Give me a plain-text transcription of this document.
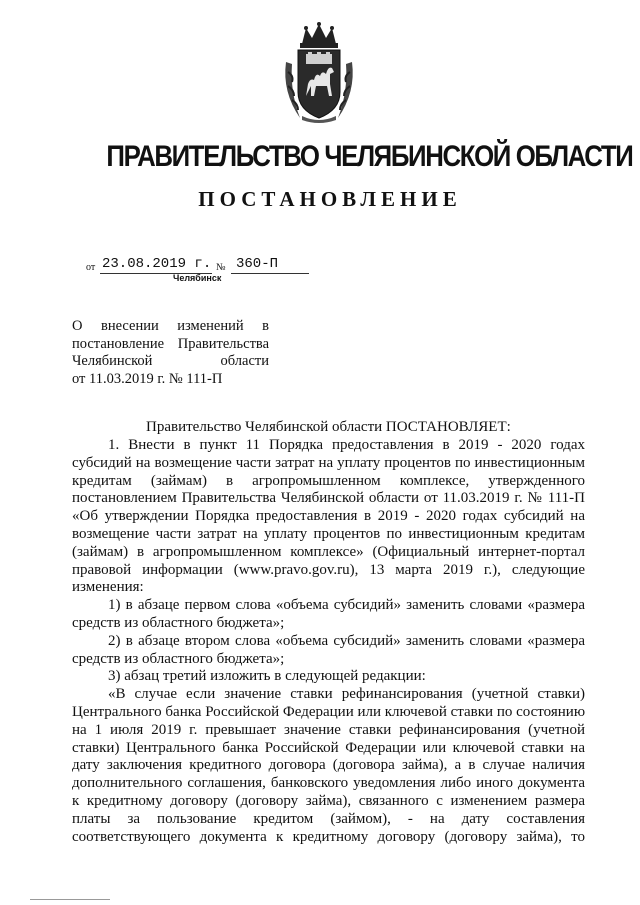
ПРАВИТЕЛЬСТВО ЧЕЛЯБИНСКОЙ ОБЛАСТИ
ПОСТАНОВЛЕНИЕ
от 23.08.2019 г. № 360-П
Челябинск
О внесении изменений в
постановление Правительства
Челябинской области
от 11.03.2019 г. № 111-П
Правительство Челябинской области ПОСТАНОВЛЯЕТ:
1. Внести в пункт 11 Порядка предоставления в 2019 - 2020 годах
субсидий на возмещение части затрат на уплату процентов по инвестиционным
кредитам (займам) в агропромышленном комплексе, утвержденного
постановлением Правительства Челябинской области от 11.03.2019 г. № 111-П
«Об утверждении Порядка предоставления в 2019 - 2020 годах субсидий на
возмещение части затрат на уплату процентов по инвестиционным кредитам
(займам) в агропромышленном комплексе» (Официальный интернет-портал
правовой информации (www.pravo.gov.ru), 13 марта 2019 г.), следующие
изменения:
1) в абзаце первом слова «объема субсидий» заменить словами «размера
средств из областного бюджета»;
2) в абзаце втором слова «объема субсидий» заменить словами «размера
средств из областного бюджета»;
3) абзац третий изложить в следующей редакции:
«В случае если значение ставки рефинансирования (учетной ставки)
Центрального банка Российской Федерации или ключевой ставки по состоянию
на 1 июля 2019 г. превышает значение ставки рефинансирования (учетной
ставки) Центрального банка Российской Федерации или ключевой ставки на
дату заключения кредитного договора (договора займа), а в случае наличия
дополнительного соглашения, банковского уведомления либо иного документа
к кредитному договору (договору займа), связанного с изменением размера
платы за пользование кредитом (займом), - на дату составления
соответствующего документа к кредитному договору (договору займа), то
